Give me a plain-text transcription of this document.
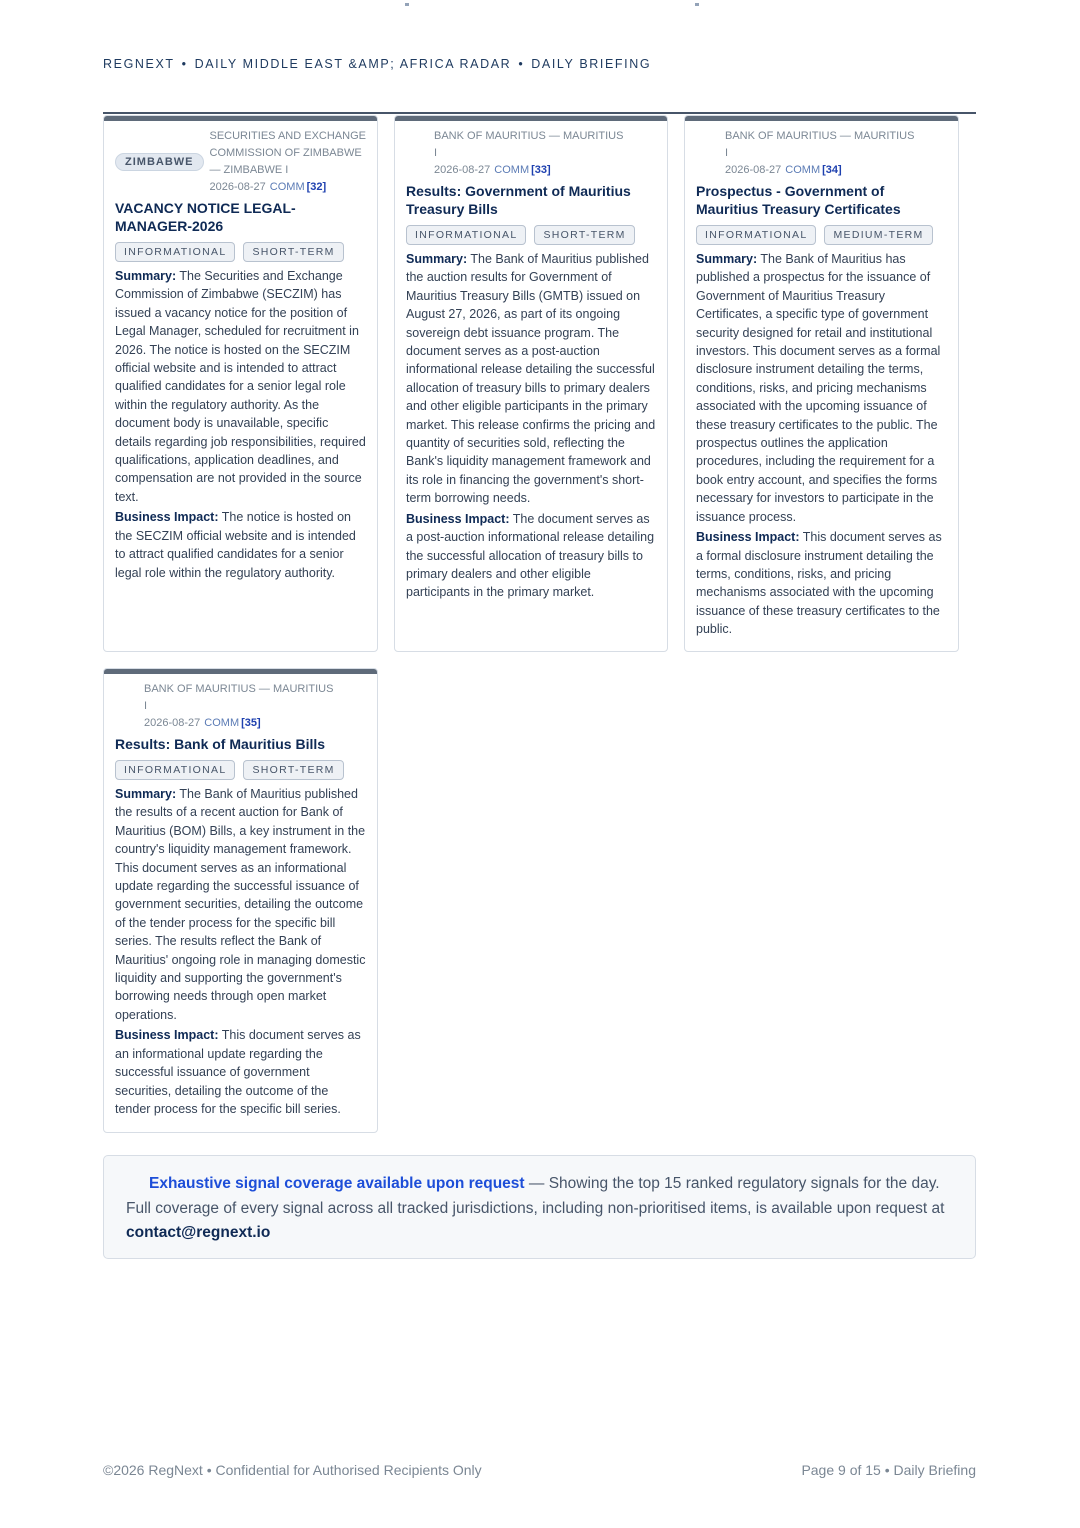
REGNEXT • DAILY MIDDLE EAST &AMP; AFRICA RADAR • DAILY BRIEFING
ZIMBABWE
SECURITIES AND EXCHANGE COMMISSION OF ZIMBABWE — ZIMBABWE I
2026-08-27 COMM [32]
VACANCY NOTICE LEGAL-MANAGER-2026
INFORMATIONAL	SHORT-TERM
Summary: The Securities and Exchange Commission of Zimbabwe (SECZIM) has issued a vacancy notice for the position of Legal Manager, scheduled for recruitment in 2026. The notice is hosted on the SECZIM official website and is intended to attract qualified candidates for a senior legal role within the regulatory authority. As the document body is unavailable, specific details regarding job responsibilities, required qualifications, application deadlines, and compensation are not provided in the source text.
Business Impact: The notice is hosted on the SECZIM official website and is intended to attract qualified candidates for a senior legal role within the regulatory authority.
BANK OF MAURITIUS — MAURITIUS I
2026-08-27 COMM [33]
Results: Government of Mauritius Treasury Bills
INFORMATIONAL	SHORT-TERM
Summary: The Bank of Mauritius published the auction results for Government of Mauritius Treasury Bills (GMTB) issued on August 27, 2026, as part of its ongoing sovereign debt issuance program. The document serves as a post-auction informational release detailing the successful allocation of treasury bills to primary dealers and other eligible participants in the primary market. This release confirms the pricing and quantity of securities sold, reflecting the Bank's liquidity management framework and its role in financing the government's short-term borrowing needs.
Business Impact: The document serves as a post-auction informational release detailing the successful allocation of treasury bills to primary dealers and other eligible participants in the primary market.
BANK OF MAURITIUS — MAURITIUS I
2026-08-27 COMM [34]
Prospectus - Government of Mauritius Treasury Certificates
INFORMATIONAL	MEDIUM-TERM
Summary: The Bank of Mauritius has published a prospectus for the issuance of Government of Mauritius Treasury Certificates, a specific type of government security designed for retail and institutional investors. This document serves as a formal disclosure instrument detailing the terms, conditions, risks, and pricing mechanisms associated with the upcoming issuance of these treasury certificates to the public. The prospectus outlines the application procedures, including the requirement for a book entry account, and specifies the forms necessary for investors to participate in the issuance process.
Business Impact: This document serves as a formal disclosure instrument detailing the terms, conditions, risks, and pricing mechanisms associated with the upcoming issuance of these treasury certificates to the public.
BANK OF MAURITIUS — MAURITIUS I
2026-08-27 COMM [35]
Results: Bank of Mauritius Bills
INFORMATIONAL	SHORT-TERM
Summary: The Bank of Mauritius published the results of a recent auction for Bank of Mauritius (BOM) Bills, a key instrument in the country's liquidity management framework. This document serves as an informational update regarding the successful issuance of government securities, detailing the outcome of the tender process for the specific bill series. The results reflect the Bank of Mauritius' ongoing role in managing domestic liquidity and supporting the government's borrowing needs through open market operations.
Business Impact: This document serves as an informational update regarding the successful issuance of government securities, detailing the outcome of the tender process for the specific bill series.
Exhaustive signal coverage available upon request — Showing the top 15 ranked regulatory signals for the day. Full coverage of every signal across all tracked jurisdictions, including non-prioritised items, is available upon request at contact@regnext.io
©2026 RegNext • Confidential for Authorised Recipients Only	Page 9 of 15 • Daily Briefing
